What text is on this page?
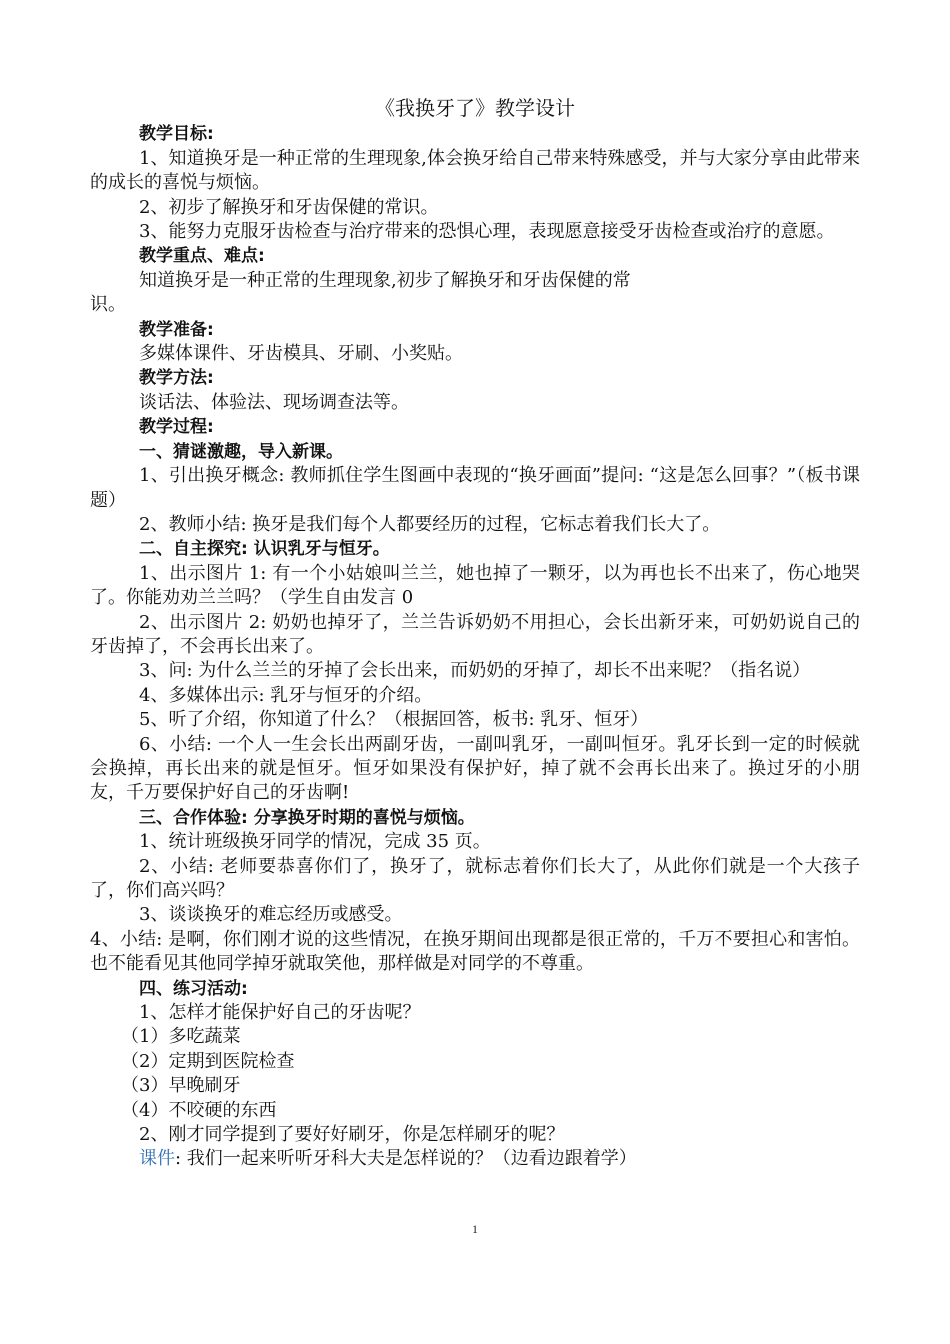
《我换牙了》教学设计
教学目标:
1、知道换牙是一种正常的生理现象,体会换牙给自己带来特殊感受，并与大家分享由此带来的成长的喜悦与烦恼。
2、初步了解换牙和牙齿保健的常识。
3、能努力克服牙齿检查与治疗带来的恐惧心理，表现愿意接受牙齿检查或治疗的意愿。
教学重点、难点:
知道换牙是一种正常的生理现象,初步了解换牙和牙齿保健的常
识。
教学准备:
多媒体课件、牙齿模具、牙刷、小奖贴。
教学方法:
谈话法、体验法、现场调查法等。
教学过程:
一、猜谜激趣，导入新课。
1、引出换牙概念: 教师抓住学生图画中表现的“换牙画面”提问: “这是怎么回事？”（板书课题）
2、教师小结: 换牙是我们每个人都要经历的过程，它标志着我们长大了。
二、自主探究: 认识乳牙与恒牙。
1、出示图片 1: 有一个小姑娘叫兰兰，她也掉了一颗牙，以为再也长不出来了，伤心地哭了。你能劝劝兰兰吗？（学生自由发言 0
2、出示图片 2: 奶奶也掉牙了，兰兰告诉奶奶不用担心，会长出新牙来，可奶奶说自己的牙齿掉了，不会再长出来了。
3、问: 为什么兰兰的牙掉了会长出来，而奶奶的牙掉了，却长不出来呢？（指名说）
4、多媒体出示: 乳牙与恒牙的介绍。
5、听了介绍，你知道了什么？（根据回答，板书: 乳牙、恒牙）
6、小结: 一个人一生会长出两副牙齿，一副叫乳牙，一副叫恒牙。乳牙长到一定的时候就会换掉，再长出来的就是恒牙。恒牙如果没有保护好，掉了就不会再长出来了。换过牙的小朋友，千万要保护好自己的牙齿啊!
三、合作体验: 分享换牙时期的喜悦与烦恼。
1、统计班级换牙同学的情况，完成 35 页。
2、小结: 老师要恭喜你们了，换牙了，就标志着你们长大了，从此你们就是一个大孩子了，你们高兴吗？
3、谈谈换牙的难忘经历或感受。
4、小结: 是啊，你们刚才说的这些情况，在换牙期间出现都是很正常的，千万不要担心和害怕。也不能看见其他同学掉牙就取笑他，那样做是对同学的不尊重。
四、练习活动:
1、怎样才能保护好自己的牙齿呢？
（1）多吃蔬菜
（2）定期到医院检查
（3）早晚刷牙
（4）不咬硬的东西
2、刚才同学提到了要好好刷牙，你是怎样刷牙的呢？
课件: 我们一起来听听牙科大夫是怎样说的？（边看边跟着学）
1
